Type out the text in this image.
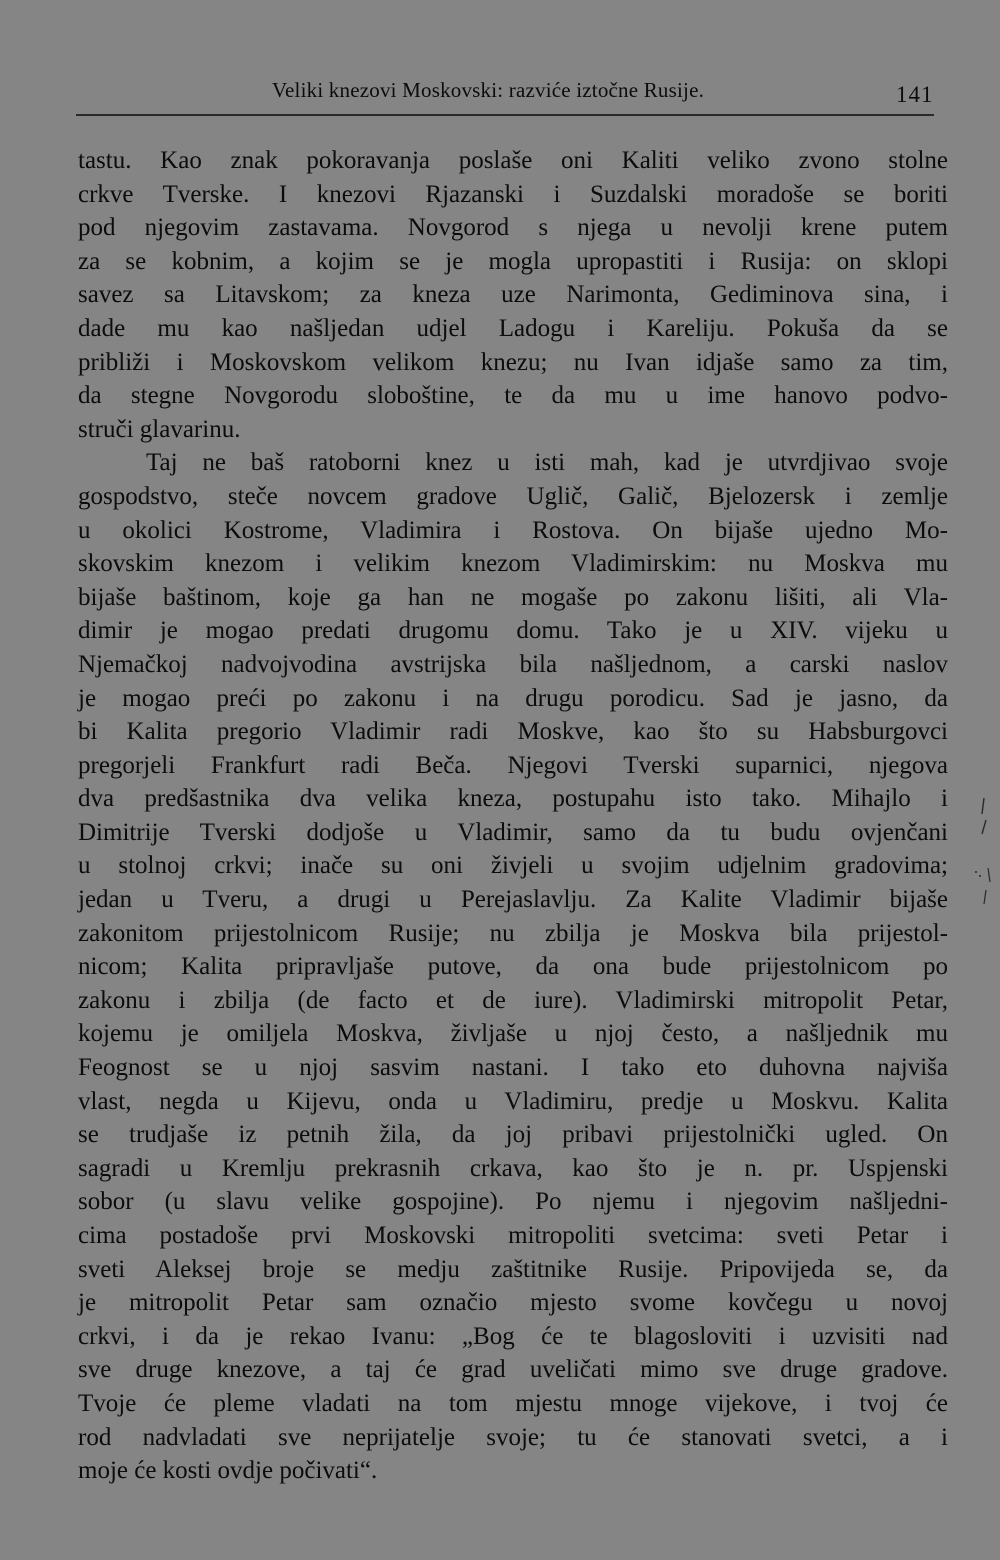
Veliki knezovi Moskovski: razviće iztočne Rusije.	141
tastu. Kao znak pokoravanja poslaše oni Kaliti veliko zvono stolne
crkve Tverske. I knezovi Rjazanski i Suzdalski moradoše se boriti
pod njegovim zastavama. Novgorod s njega u nevolji krene putem
za se kobnim, a kojim se je mogla upropastiti i Rusija: on sklopi
savez sa Litavskom; za kneza uze Narimonta, Gediminova sina, i
dade mu kao našljedan udjel Ladogu i Kareliju. Pokuša da se
približi i Moskovskom velikom knezu; nu Ivan idjaše samo za tim,
da stegne Novgorodu sloboštine, te da mu u ime hanovo podvo-
struči glavarinu.
Taj ne baš ratoborni knez u isti mah, kad je utvrdjivao svoje
gospodstvo, steče novcem gradove Uglič, Galič, Bjelozersk i zemlje
u okolici Kostrome, Vladimira i Rostova. On bijaše ujedno Mo-
skovskim knezom i velikim knezom Vladimirskim: nu Moskva mu
bijaše baštinom, koje ga han ne mogaše po zakonu lišiti, ali Vla-
dimir je mogao predati drugomu domu. Tako je u XIV. vijeku u
Njemačkoj nadvojvodina avstrijska bila našljednom, a carski naslov
je mogao preći po zakonu i na drugu porodicu. Sad je jasno, da
bi Kalita pregorio Vladimir radi Moskve, kao što su Habsburgovci
pregorjeli Frankfurt radi Beča. Njegovi Tverski suparnici, njegova
dva predšastnika dva velika kneza, postupahu isto tako. Mihajlo i
Dimitrije Tverski dodjoše u Vladimir, samo da tu budu ovjenčani
u stolnoj crkvi; inače su oni živjeli u svojim udjelnim gradovima;
jedan u Tveru, a drugi u Perejaslavlju. Za Kalite Vladimir bijaše
zakonitom prijestolnicom Rusije; nu zbilja je Moskva bila prijestol-
nicom; Kalita pripravljaše putove, da ona bude prijestolnicom po
zakonu i zbilja (de facto et de iure). Vladimirski mitropolit Petar,
kojemu je omiljela Moskva, življaše u njoj često, a našljednik mu
Feognost se u njoj sasvim nastani. I tako eto duhovna najviša
vlast, negda u Kijevu, onda u Vladimiru, predje u Moskvu. Kalita
se trudjaše iz petnih žila, da joj pribavi prijestolnički ugled. On
sagradi u Kremlju prekrasnih crkava, kao što je n. pr. Uspjenski
sobor (u slavu velike gospojine). Po njemu i njegovim našljedni-
cima postadoše prvi Moskovski mitropoliti svetcima: sveti Petar i
sveti Aleksej broje se medju zaštitnike Rusije. Pripovijeda se, da
je mitropolit Petar sam označio mjesto svome kovčegu u novoj
crkvi, i da je rekao Ivanu: „Bog će te blagosloviti i uzvisiti nad
sve druge knezove, a taj će grad uveličati mimo sve druge gradove.
Tvoje će pleme vladati na tom mjestu mnoge vijekove, i tvoj će
rod nadvladati sve neprijatelje svoje; tu će stanovati svetci, a i
moje će kosti ovdje počivati“.
